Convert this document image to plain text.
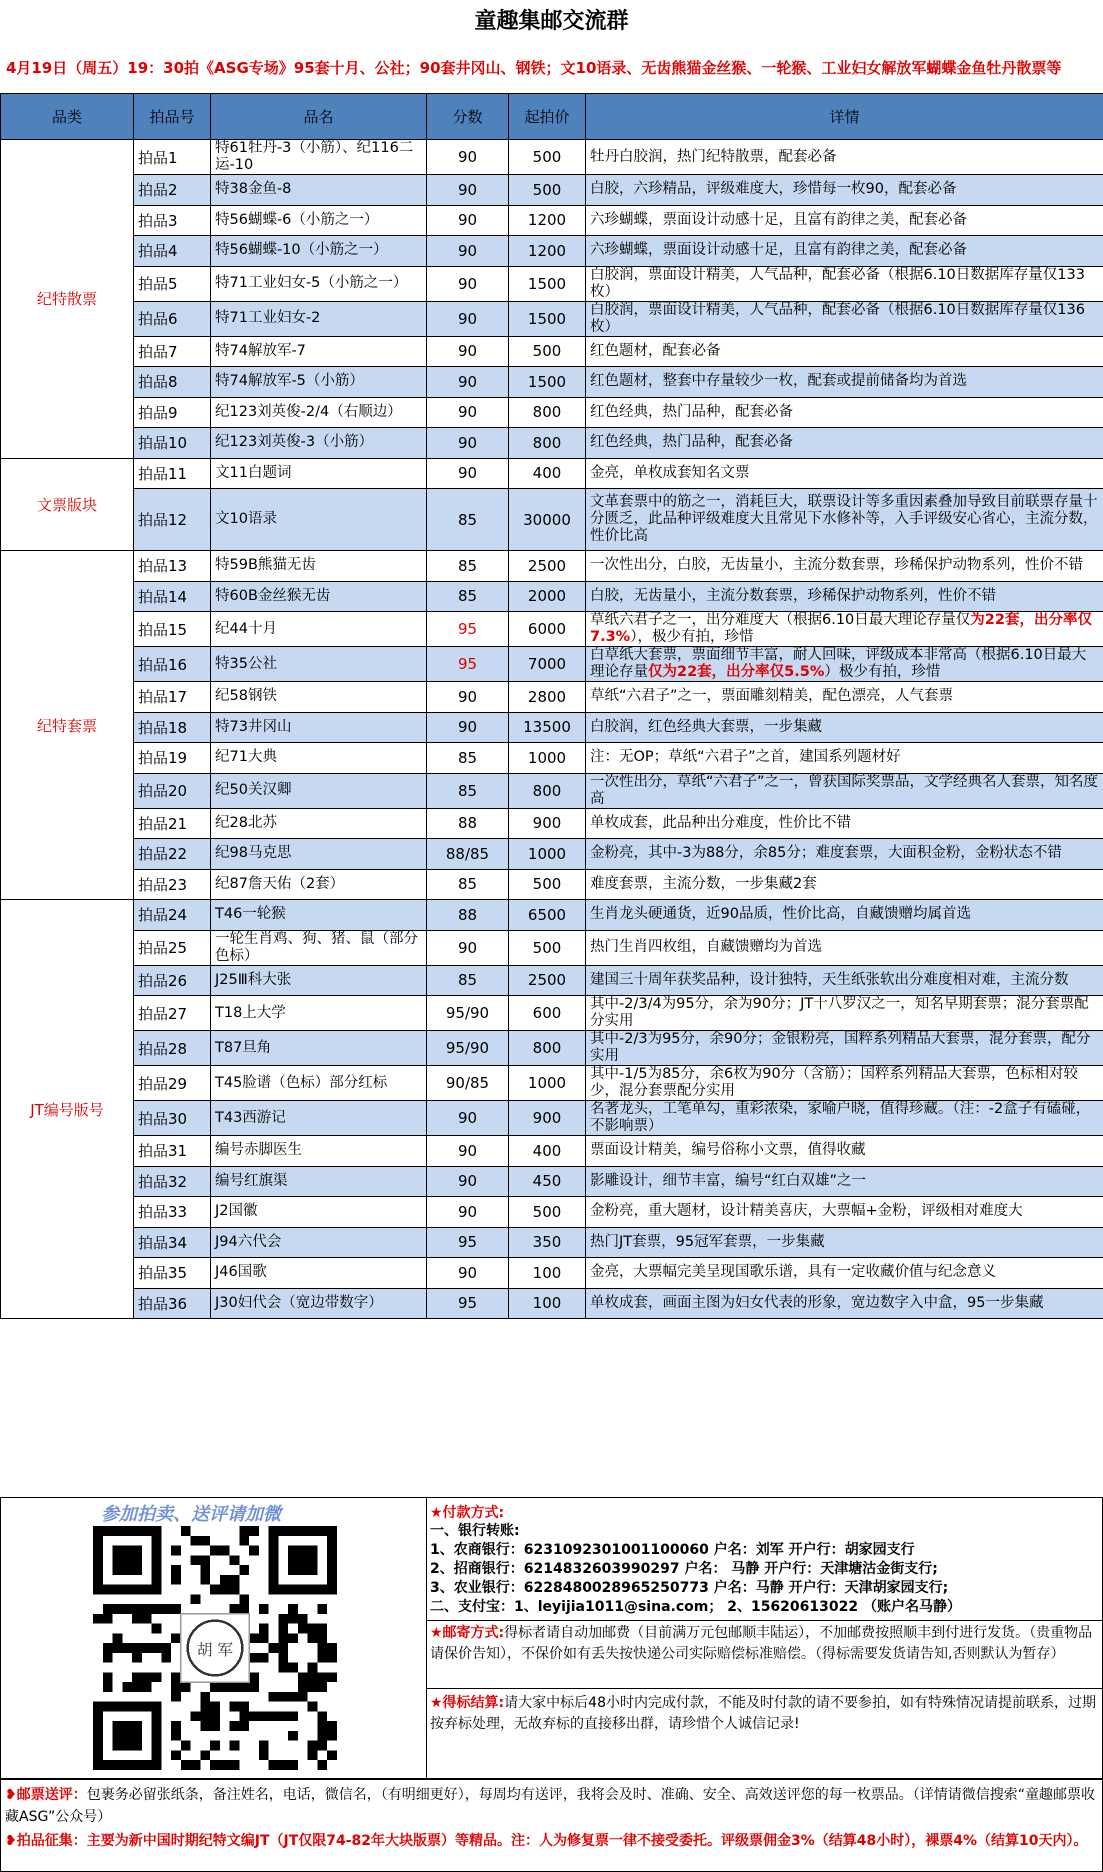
童趣集邮交流群
4月19日（周五）19：30拍《ASG专场》95套十月、公社；90套井冈山、钢铁；文10语录、无齿熊猫金丝猴、一轮猴、工业妇女解放军蝴蝶金鱼牡丹散票等
品类	拍品号	品名	分数	起拍价	详情
纪特散票	拍品1	特61牡丹-3（小筋）、纪116二运-10	90	500	牡丹白胶润，热门纪特散票，配套必备
	拍品2	特38金鱼-8	90	500	白胶，六珍精品，评级难度大，珍惜每一枚90，配套必备
	拍品3	特56蝴蝶-6（小筋之一）	90	1200	六珍蝴蝶，票面设计动感十足，且富有韵律之美，配套必备
	拍品4	特56蝴蝶-10（小筋之一）	90	1200	六珍蝴蝶，票面设计动感十足，且富有韵律之美，配套必备
	拍品5	特71工业妇女-5（小筋之一）	90	1500	白胶润，票面设计精美，人气品种，配套必备（根据6.10日数据库存量仅133枚）
	拍品6	特71工业妇女-2	90	1500	白胶润，票面设计精美，人气品种，配套必备（根据6.10日数据库存量仅136枚）
	拍品7	特74解放军-7	90	500	红色题材，配套必备
	拍品8	特74解放军-5（小筋）	90	1500	红色题材，整套中存量较少一枚，配套或提前储备均为首选
	拍品9	纪123刘英俊-2/4（右顺边）	90	800	红色经典，热门品种，配套必备
	拍品10	纪123刘英俊-3（小筋）	90	800	红色经典，热门品种，配套必备
文票版块	拍品11	文11白题词	90	400	金亮，单枚成套知名文票
	拍品12	文10语录	85	30000	文革套票中的筋之一，消耗巨大，联票设计等多重因素叠加导致目前联票存量十分匮乏，此品种评级难度大且常见下水修补等，入手评级安心省心，主流分数，性价比高
纪特套票	拍品13	特59B熊猫无齿	85	2500	一次性出分，白胶，无齿量小，主流分数套票，珍稀保护动物系列，性价不错
	拍品14	特60B金丝猴无齿	85	2000	白胶，无齿量小，主流分数套票，珍稀保护动物系列，性价不错
	拍品15	纪44十月	95	6000	草纸六君子之一，出分难度大（根据6.10日最大理论存量仅为22套，出分率仅7.3%），极少有拍，珍惜
	拍品16	特35公社	95	7000	白草纸大套票，票面细节丰富，耐人回味，评级成本非常高（根据6.10日最大理论存量仅为22套，出分率仅5.5%）极少有拍，珍惜
	拍品17	纪58钢铁	90	2800	草纸“六君子”之一，票面雕刻精美，配色漂亮，人气套票
	拍品18	特73井冈山	90	13500	白胶润，红色经典大套票，一步集藏
	拍品19	纪71大典	85	1000	注：无OP；草纸“六君子”之首，建国系列题材好
	拍品20	纪50关汉卿	85	800	一次性出分，草纸“六君子”之一，曾获国际奖票品，文学经典名人套票，知名度高
	拍品21	纪28北苏	88	900	单枚成套，此品种出分难度，性价比不错
	拍品22	纪98马克思	88/85	1000	金粉亮，其中-3为88分，余85分；难度套票，大面积金粉，金粉状态不错
	拍品23	纪87詹天佑（2套）	85	500	难度套票，主流分数，一步集藏2套
JT编号版号	拍品24	T46一轮猴	88	6500	生肖龙头硬通货，近90品质，性价比高，自藏馈赠均属首选
	拍品25	一轮生肖鸡、狗、猪、鼠（部分色标）	90	500	热门生肖四枚组，自藏馈赠均为首选
	拍品26	J25Ⅲ科大张	85	2500	建国三十周年获奖品种，设计独特，天生纸张软出分难度相对难，主流分数
	拍品27	T18上大学	95/90	600	其中-2/3/4为95分，余为90分；JT十八罗汉之一，知名早期套票；混分套票配分实用
	拍品28	T87旦角	95/90	800	其中-2/3为95分，余90分；金银粉亮，国粹系列精品大套票，混分套票，配分实用
	拍品29	T45脸谱（色标）部分红标	90/85	1000	其中-1/5为85分，余6枚为90分（含筋）；国粹系列精品大套票，色标相对较少，混分套票配分实用
	拍品30	T43西游记	90	900	名著龙头，工笔单勾，重彩浓染，家喻户晓，值得珍藏。（注：-2盒子有磕碰，不影响票）
	拍品31	编号赤脚医生	90	400	票面设计精美，编号俗称小文票，值得收藏
	拍品32	编号红旗渠	90	450	影雕设计，细节丰富，编号“红白双雄”之一
	拍品33	J2国徽	90	500	金粉亮，重大题材，设计精美喜庆，大票幅+金粉，评级相对难度大
	拍品34	J94六代会	95	350	热门JT套票，95冠军套票，一步集藏
	拍品35	J46国歌	90	100	金亮，大票幅完美呈现国歌乐谱，具有一定收藏价值与纪念意义
	拍品36	J30妇代会（宽边带数字）	95	100	单枚成套，画面主图为妇女代表的形象，宽边数字入中盒，95一步集藏
参加拍卖、送评请加微
胡 军
★付款方式:
一、银行转账:
1、农商银行：6231092301001100060 户名：刘军 开户行：胡家园支行
2、招商银行：6214832603990297 户名： 马静 开户行：天津塘沽金街支行;
3、农业银行：6228480028965250773 户名：马静 开户行：天津胡家园支行;
二、支付宝：1、leyijia1011@sina.com； 2、15620613022 （账户名马静）
★邮寄方式:得标者请自动加邮费（目前满万元包邮顺丰陆运），不加邮费按照顺丰到付进行发货。（贵重物品请保价告知），不保价如有丢失按快递公司实际赔偿标准赔偿。（得标需要发货请告知,否则默认为暂存）
★得标结算:请大家中标后48小时内完成付款，不能及时付款的请不要参拍，如有特殊情况请提前联系，过期按弃标处理，无故弃标的直接移出群，请珍惜个人诚信记录!
❥邮票送评：包裹务必留张纸条，备注姓名，电话，微信名，（有明细更好），每周均有送评，我将会及时、准确、安全、高效送评您的每一枚票品。（详情请微信搜索“童趣邮票收藏ASG”公众号）
❥拍品征集：主要为新中国时期纪特文编JT（JT仅限74-82年大块版票）等精品。注：人为修复票一律不接受委托。评级票佣金3%（结算48小时），裸票4%（结算10天内）。
